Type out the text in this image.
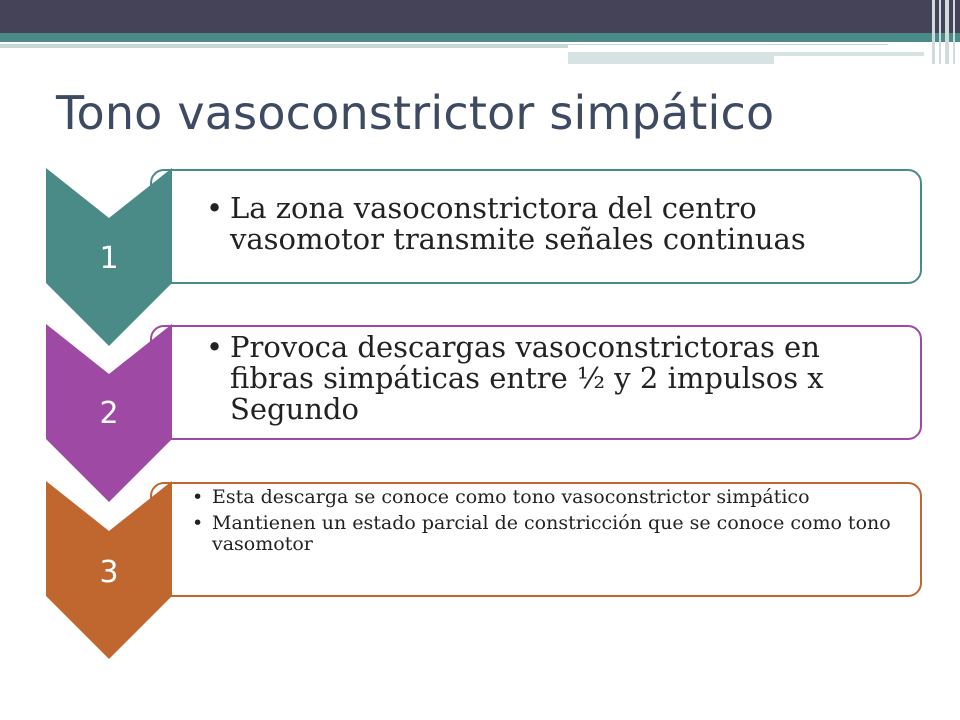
Tono vasoconstrictor simpático
• La zona vasoconstrictora del centro vasomotor transmite señales continuas
1
• Provoca descargas vasoconstrictoras en fibras simpáticas entre ½ y 2 impulsos x Segundo
2
• Esta descarga se conoce como tono vasoconstrictor simpático
• Mantienen un estado parcial de constricción que se conoce como tono vasomotor
3
